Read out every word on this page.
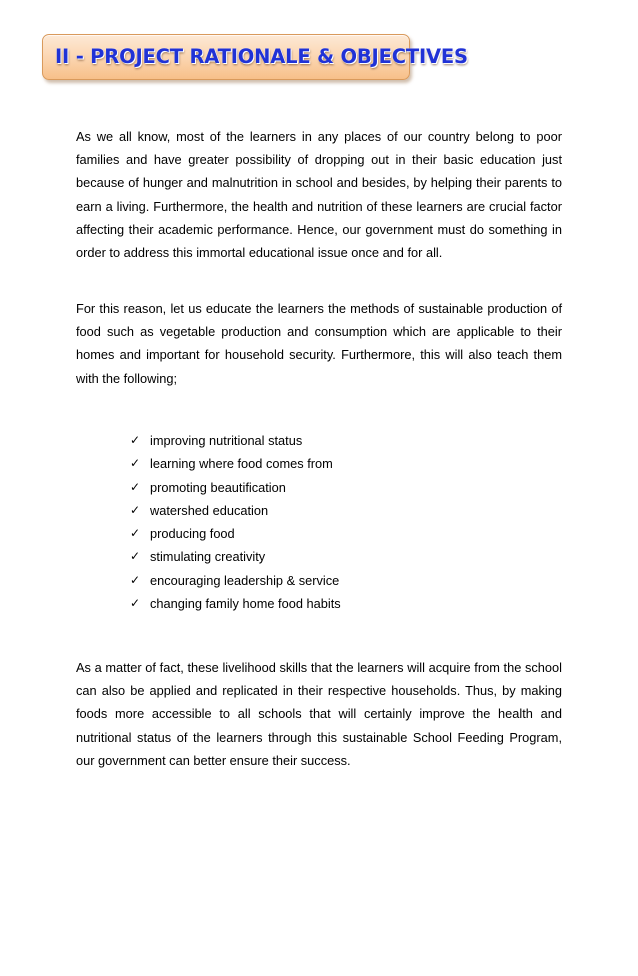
II - PROJECT RATIONALE & OBJECTIVES

As we all know, most of the learners in any places of our country belong to poor families and have greater possibility of dropping out in their basic education just because of hunger and malnutrition in school and besides, by helping their parents to earn a living. Furthermore, the health and nutrition of these learners are crucial factor affecting their academic performance. Hence, our government must do something in order to address this immortal educational issue once and for all.

For this reason, let us educate the learners the methods of sustainable production of food such as vegetable production and consumption which are applicable to their homes and important for household security. Furthermore, this will also teach them with the following;

✓ improving nutritional status
✓ learning where food comes from
✓ promoting beautification
✓ watershed education
✓ producing food
✓ stimulating creativity
✓ encouraging leadership & service
✓ changing family home food habits

As a matter of fact, these livelihood skills that the learners will acquire from the school can also be applied and replicated in their respective households. Thus, by making foods more accessible to all schools that will certainly improve the health and nutritional status of the learners through this sustainable School Feeding Program, our government can better ensure their success.
